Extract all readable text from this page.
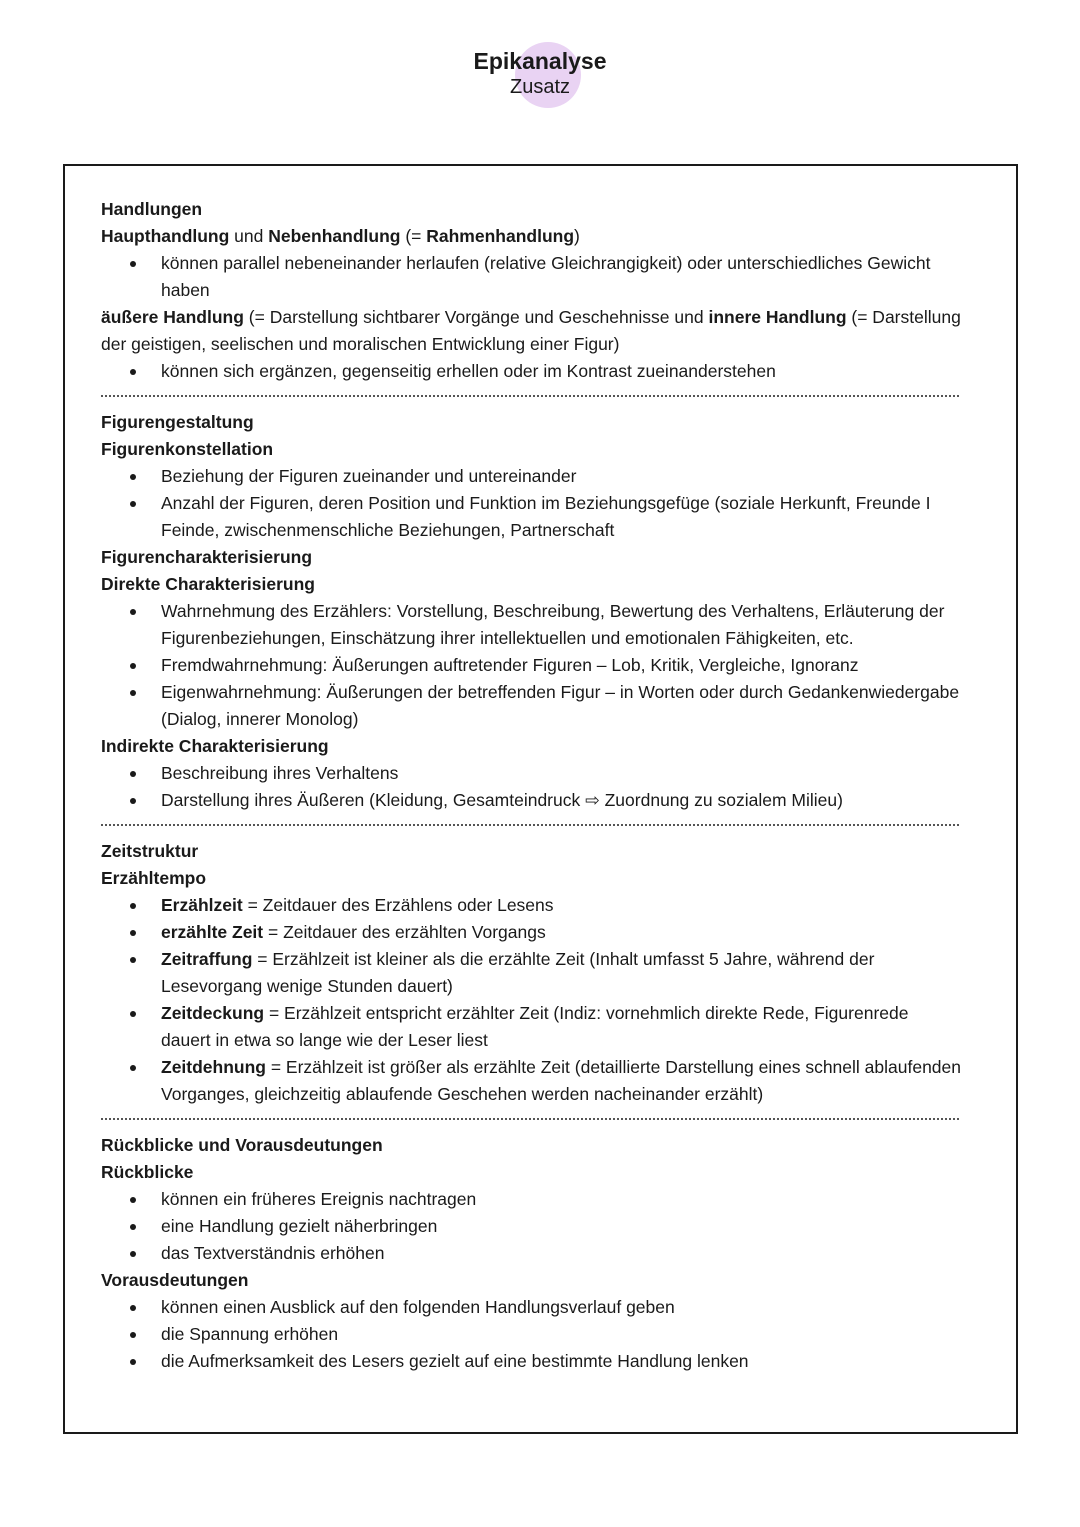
Epikanalyse

Zusatz

Handlungen

Haupthandlung und Nebenhandlung (= Rahmenhandlung)

können parallel nebeneinander herlaufen (relative Gleichrangigkeit) oder unterschiedliches Gewicht haben

äußere Handlung (= Darstellung sichtbarer Vorgänge und Geschehnisse und innere Handlung (= Darstellung der geistigen, seelischen und moralischen Entwicklung einer Figur)

können sich ergänzen, gegenseitig erhellen oder im Kontrast zueinanderstehen

Figurengestaltung

Figurenkonstellation

Beziehung der Figuren zueinander und untereinander
Anzahl der Figuren, deren Position und Funktion im Beziehungsgefüge (soziale Herkunft, Freunde I Feinde, zwischenmenschliche Beziehungen, Partnerschaft

Figurencharakterisierung

Direkte Charakterisierung

Wahrnehmung des Erzählers: Vorstellung, Beschreibung, Bewertung des Verhaltens, Erläuterung der Figurenbeziehungen, Einschätzung ihrer intellektuellen und emotionalen Fähigkeiten, etc.
Fremdwahrnehmung: Äußerungen auftretender Figuren – Lob, Kritik, Vergleiche, Ignoranz
Eigenwahrnehmung: Äußerungen der betreffenden Figur – in Worten oder durch Gedankenwiedergabe (Dialog, innerer Monolog)

Indirekte Charakterisierung

Beschreibung ihres Verhaltens
Darstellung ihres Äußeren (Kleidung, Gesamteindruck ⇨ Zuordnung zu sozialem Milieu)

Zeitstruktur

Erzähltempo

Erzählzeit = Zeitdauer des Erzählens oder Lesens
erzählte Zeit = Zeitdauer des erzählten Vorgangs
Zeitraffung = Erzählzeit ist kleiner als die erzählte Zeit (Inhalt umfasst 5 Jahre, während der Lesevorgang wenige Stunden dauert)
Zeitdeckung = Erzählzeit entspricht erzählter Zeit (Indiz: vornehmlich direkte Rede, Figurenrede dauert in etwa so lange wie der Leser liest
Zeitdehnung = Erzählzeit ist größer als erzählte Zeit (detaillierte Darstellung eines schnell ablaufenden Vorganges, gleichzeitig ablaufende Geschehen werden nacheinander erzählt)

Rückblicke und Vorausdeutungen

Rückblicke

können ein früheres Ereignis nachtragen
eine Handlung gezielt näherbringen
das Textverständnis erhöhen

Vorausdeutungen

können einen Ausblick auf den folgenden Handlungsverlauf geben
die Spannung erhöhen
die Aufmerksamkeit des Lesers gezielt auf eine bestimmte Handlung lenken
